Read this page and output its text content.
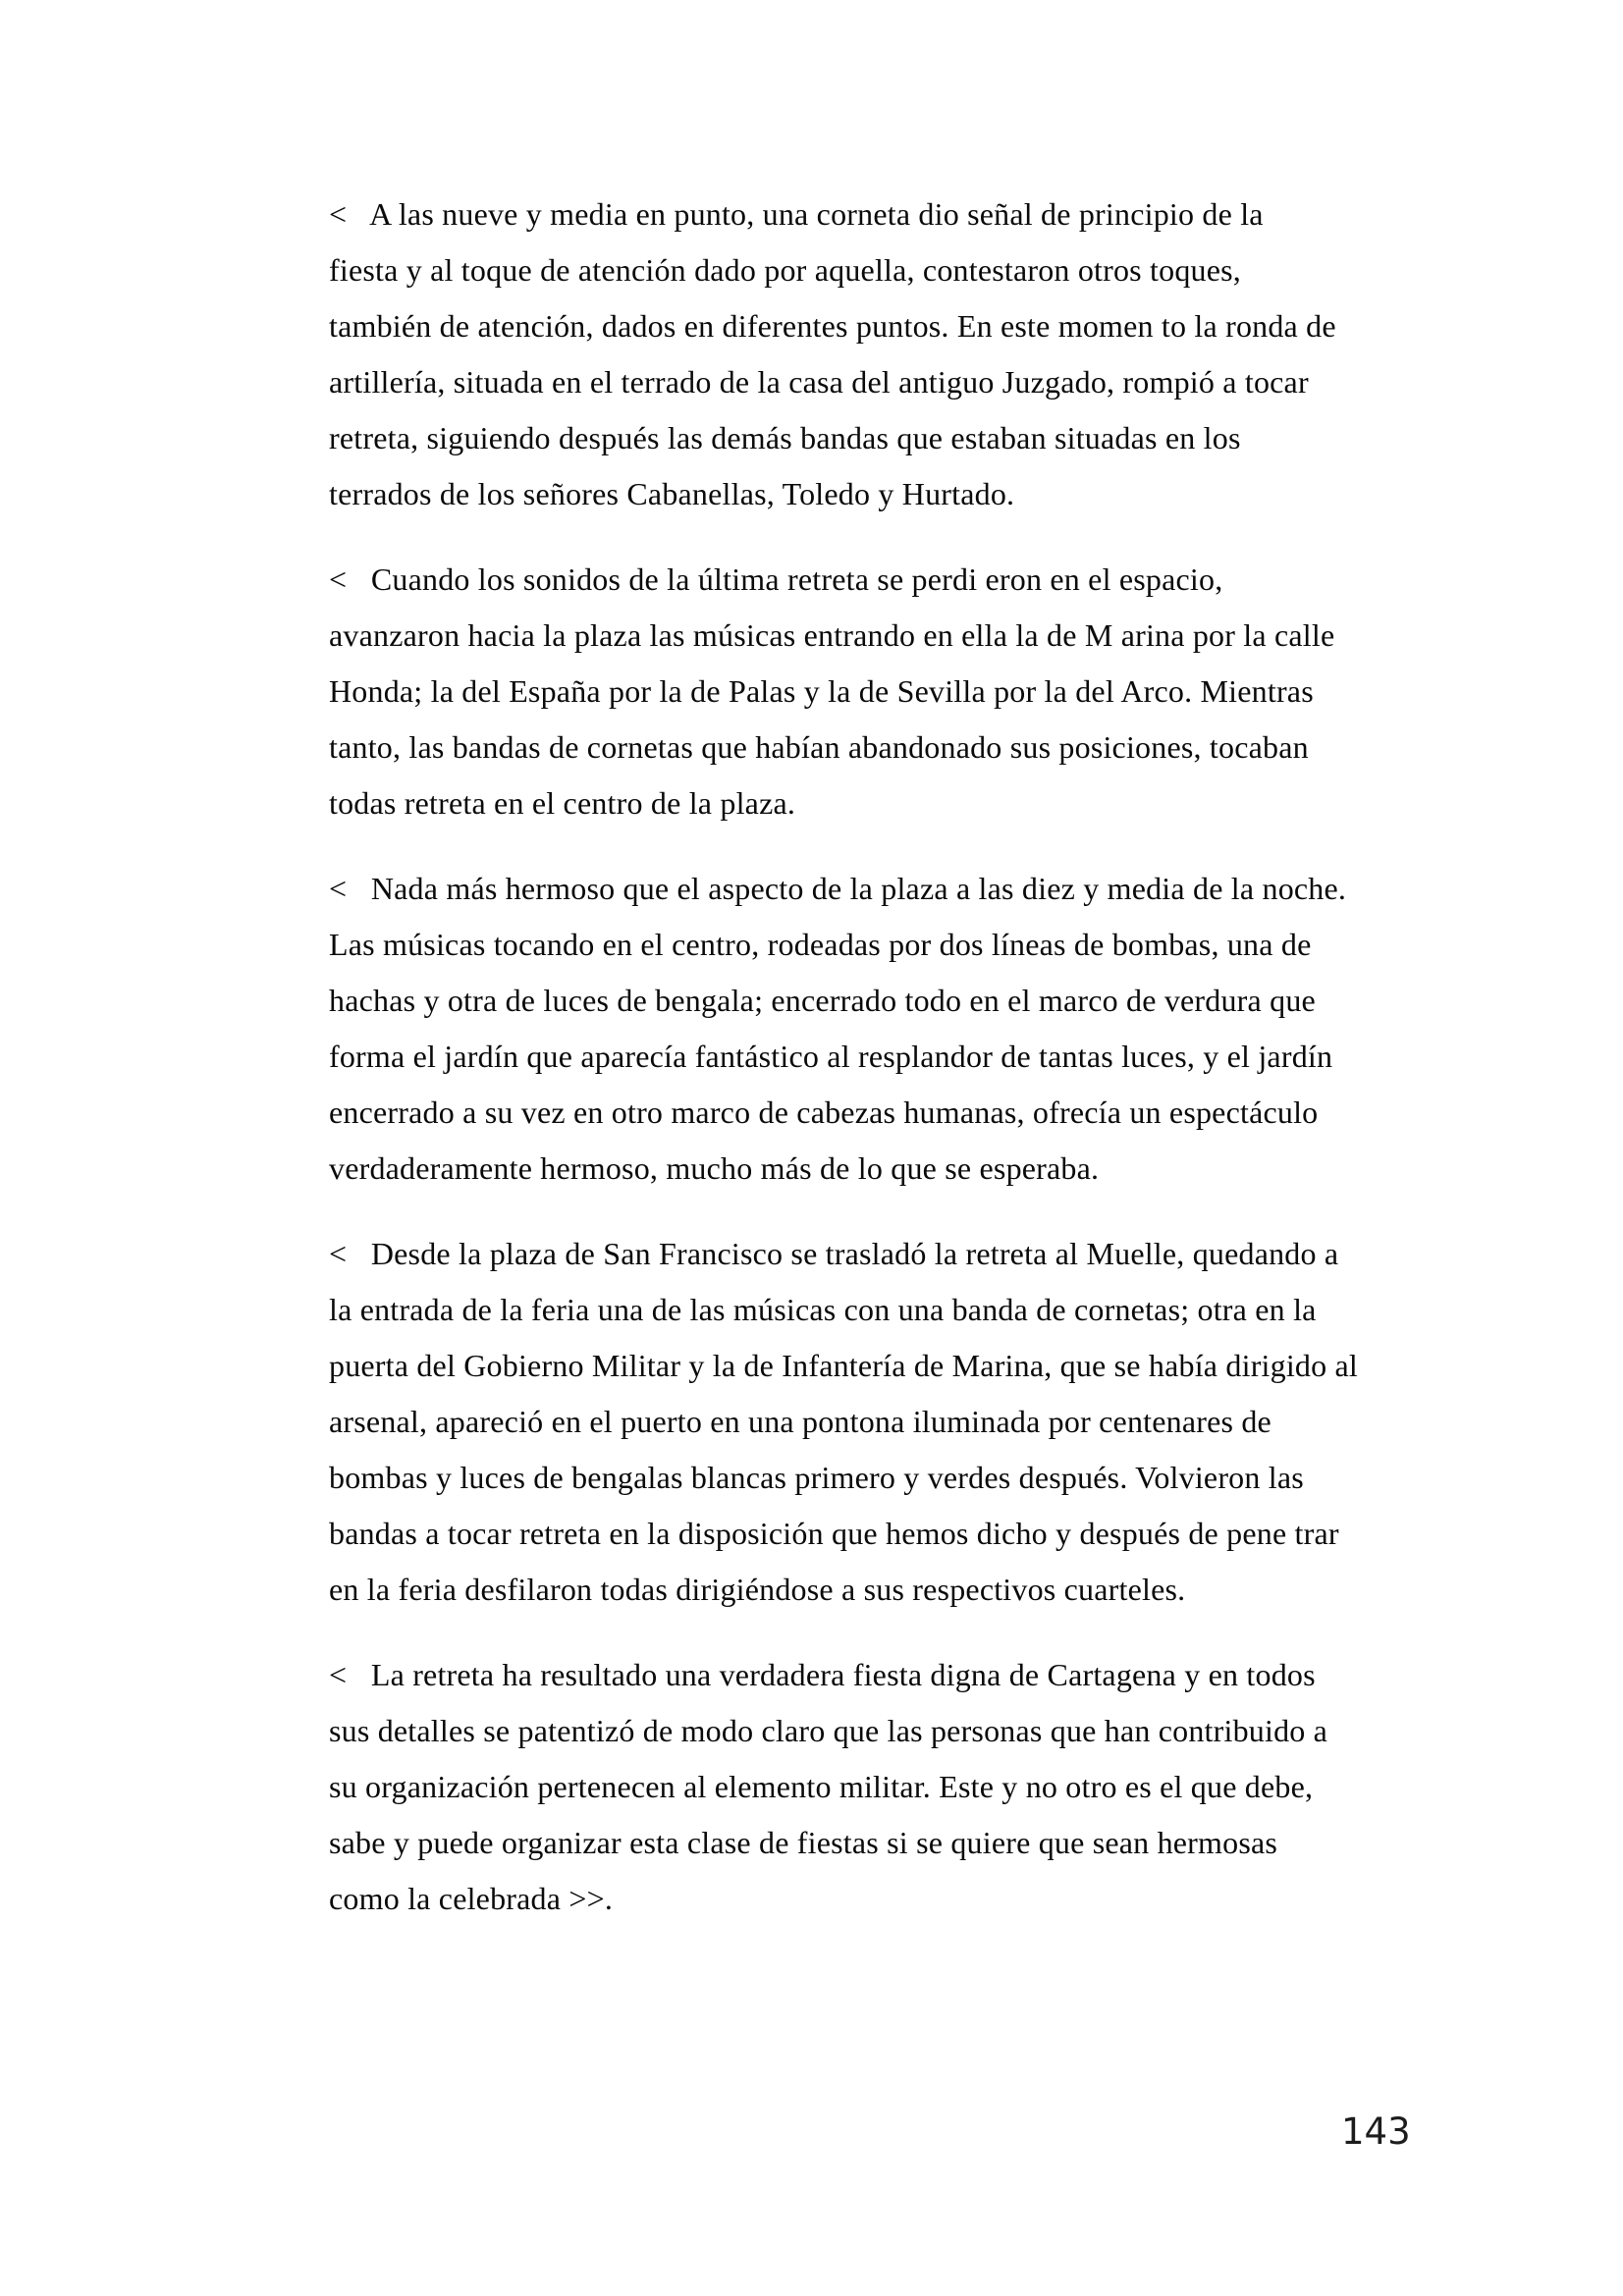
<   A las nueve y media en punto, una corneta dio señal de principio de la
fiesta y al toque de atención dado por aquella, contestaron otros toques,
también de atención, dados en diferentes puntos. En este momen to la ronda de
artillería, situada en el terrado de la casa del antiguo Juzgado, rompió a tocar
retreta, siguiendo después las demás bandas que estaban situadas en los
terrados de los señores Cabanellas, Toledo y Hurtado.
<   Cuando los sonidos de la última retreta se perdi eron en el espacio,
avanzaron hacia la plaza las músicas entrando en ella la de M arina por la calle
Honda; la del España por la de Palas y la de Sevilla por la del Arco. Mientras
tanto, las bandas de cornetas que habían abandonado sus posiciones, tocaban
todas retreta en el centro de la plaza.
<   Nada más hermoso que el aspecto de la plaza a las diez y media de la noche.
Las músicas tocando en el centro, rodeadas por dos líneas de bombas, una de
hachas y otra de luces de bengala; encerrado todo en el marco de verdura que
forma el jardín que aparecía fantástico al resplandor de tantas luces, y el jardín
encerrado a su vez en otro marco de cabezas humanas, ofrecía un espectáculo
verdaderamente hermoso, mucho más de lo que se esperaba.
<   Desde la plaza de San Francisco se trasladó la retreta al Muelle, quedando a
la entrada de la feria una de las músicas con una banda de cornetas; otra en la
puerta del Gobierno Militar y la de Infantería de Marina, que se había dirigido al
arsenal, apareció en el puerto en una pontona iluminada por centenares de
bombas y luces de bengalas blancas primero y verdes después. Volvieron las
bandas a tocar retreta en la disposición que hemos dicho y después de pene trar
en la feria desfilaron todas dirigiéndose a sus respectivos cuarteles.
<   La retreta ha resultado una verdadera fiesta digna de Cartagena y en todos
sus detalles se patentizó de modo claro que las personas que han contribuido a
su organización pertenecen al elemento militar. Este y no otro es el que debe,
sabe y puede organizar esta clase de fiestas si se quiere que sean hermosas
como la celebrada >>.
143
